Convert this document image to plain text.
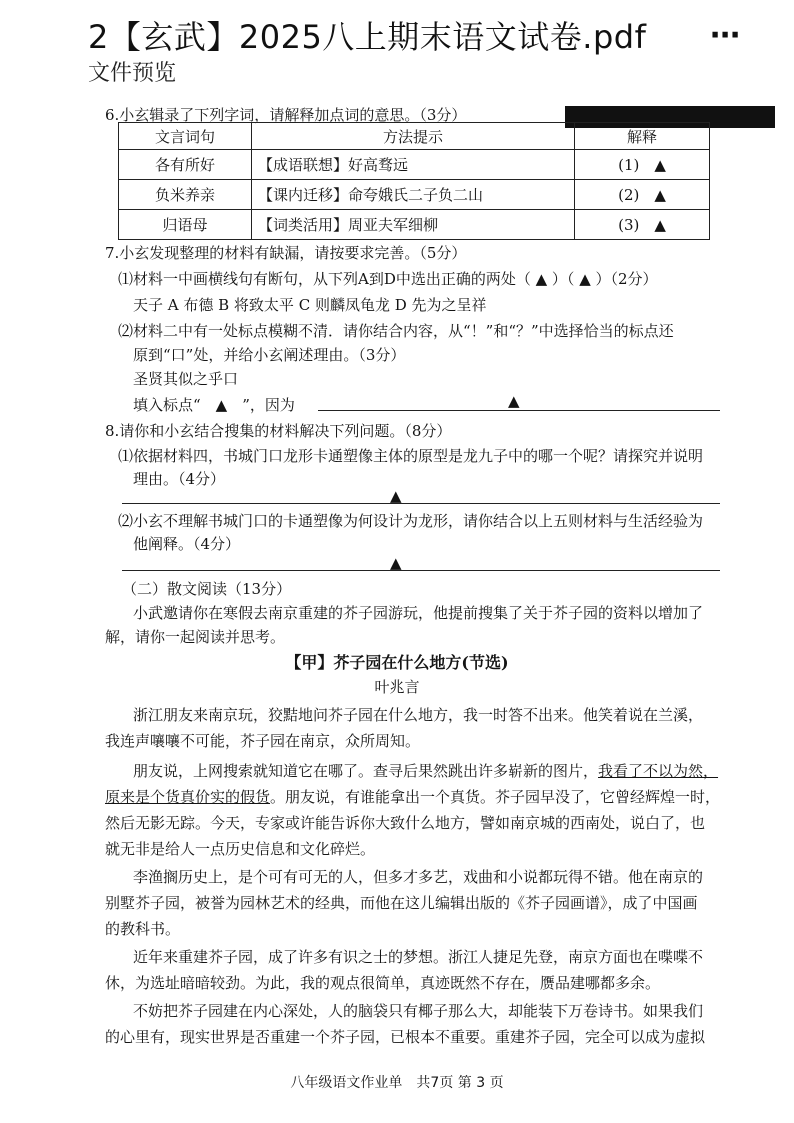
2【玄武】2025八上期末语文试卷.pdf
文件预览
⋯
6.小玄辑录了下列字词，请解释加点词的意思。（3分）
文言词句	方法提示	解释
各有所好	【成语联想】好高骛远	(1)　▲　
负米养亲	【课内迁移】命夸娥氏二子负二山	(2)　▲　
归语母	【词类活用】周亚夫军细柳	(3)　▲　
7.小玄发现整理的材料有缺漏，请按要求完善。（5分）
⑴材料一中画横线句有断句，从下列A到D中选出正确的两处（ ▲ ）（ ▲ ）（2分）
天子 A 布德 B 将致太平 C 则麟凤龟龙 D 先为之呈祥
⑵材料二中有一处标点模糊不清．请你结合内容，从“！”和“？”中选择恰当的标点还
原到“口”处，并给小玄阐述理由。（3分）
圣贤其似之乎口
填入标点“　▲　”，因为	▲
8.请你和小玄结合搜集的材料解决下列问题。（8分）
⑴依据材料四，书城门口龙形卡通塑像主体的原型是龙九子中的哪一个呢？请探究并说明
理由。（4分）
▲
⑵小玄不理解书城门口的卡通塑像为何设计为龙形，请你结合以上五则材料与生活经验为
他阐释。（4分）
▲
（二）散文阅读（13分）
小武邀请你在寒假去南京重建的芥子园游玩，他提前搜集了关于芥子园的资料以增加了
解，请你一起阅读并思考。
【甲】芥子园在什么地方(节选)
叶兆言
浙江朋友来南京玩，狡黠地问芥子园在什么地方，我一时答不出来。他笑着说在兰溪，
我连声嚷嚷不可能，芥子园在南京，众所周知。
朋友说，上网搜索就知道它在哪了。查寻后果然跳出许多崭新的图片，我看了不以为然，
原来是个货真价实的假货。朋友说，有谁能拿出一个真货。芥子园早没了，它曾经辉煌一时，
然后无影无踪。今天，专家或许能告诉你大致什么地方，譬如南京城的西南处，说白了，也
就无非是给人一点历史信息和文化碎烂。
李渔搁历史上，是个可有可无的人，但多才多艺，戏曲和小说都玩得不错。他在南京的
别墅芥子园，被誉为园林艺术的经典，而他在这儿编辑出版的《芥子园画谱》，成了中国画
的教科书。
近年来重建芥子园，成了许多有识之士的梦想。浙江人捷足先登，南京方面也在喋喋不
休，为选址暗暗较劲。为此，我的观点很简单，真迹既然不存在，赝品建哪都多余。
不妨把芥子园建在内心深处，人的脑袋只有椰子那么大，却能装下万卷诗书。如果我们
的心里有，现实世界是否重建一个芥子园，已根本不重要。重建芥子园，完全可以成为虚拟
八年级语文作业单　共7页 第 3 页
